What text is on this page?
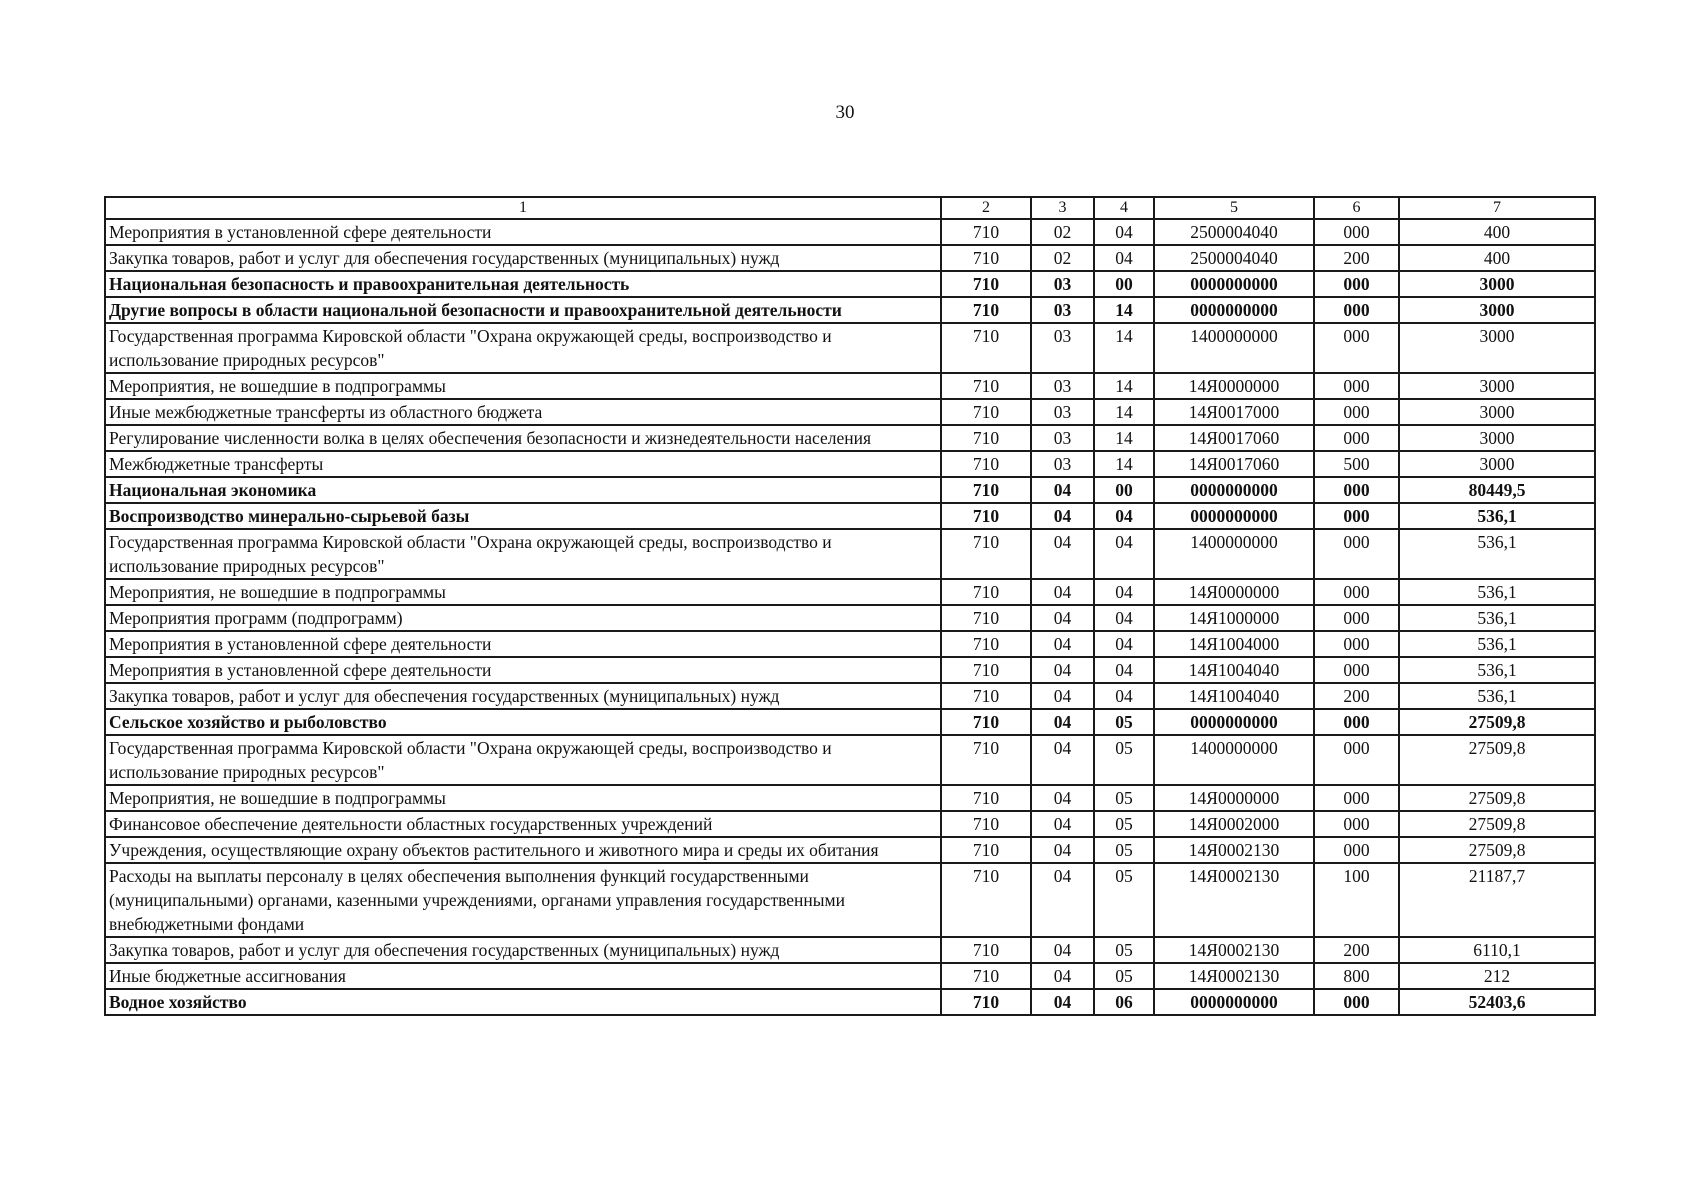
30
1	2	3	4	5	6	7
Мероприятия в установленной сфере деятельности	710	02	04	2500004040	000	400
Закупка товаров, работ и услуг для обеспечения государственных (муниципальных) нужд	710	02	04	2500004040	200	400
Национальная безопасность и правоохранительная деятельность	710	03	00	0000000000	000	3000
Другие вопросы в области национальной безопасности и правоохранительной деятельности	710	03	14	0000000000	000	3000
Государственная программа Кировской области "Охрана окружающей среды, воспроизводство и использование природных ресурсов"	710	03	14	1400000000	000	3000
Мероприятия, не вошедшие в подпрограммы	710	03	14	14Я0000000	000	3000
Иные межбюджетные трансферты из областного бюджета	710	03	14	14Я0017000	000	3000
Регулирование численности волка в целях обеспечения безопасности и жизнедеятельности населения	710	03	14	14Я0017060	000	3000
Межбюджетные трансферты	710	03	14	14Я0017060	500	3000
Национальная экономика	710	04	00	0000000000	000	80449,5
Воспроизводство минерально-сырьевой базы	710	04	04	0000000000	000	536,1
Государственная программа Кировской области "Охрана окружающей среды, воспроизводство и использование природных ресурсов"	710	04	04	1400000000	000	536,1
Мероприятия, не вошедшие в подпрограммы	710	04	04	14Я0000000	000	536,1
Мероприятия программ (подпрограмм)	710	04	04	14Я1000000	000	536,1
Мероприятия в установленной сфере деятельности	710	04	04	14Я1004000	000	536,1
Мероприятия в установленной сфере деятельности	710	04	04	14Я1004040	000	536,1
Закупка товаров, работ и услуг для обеспечения государственных (муниципальных) нужд	710	04	04	14Я1004040	200	536,1
Сельское хозяйство и рыболовство	710	04	05	0000000000	000	27509,8
Государственная программа Кировской области "Охрана окружающей среды, воспроизводство и использование природных ресурсов"	710	04	05	1400000000	000	27509,8
Мероприятия, не вошедшие в подпрограммы	710	04	05	14Я0000000	000	27509,8
Финансовое обеспечение деятельности областных государственных учреждений	710	04	05	14Я0002000	000	27509,8
Учреждения, осуществляющие охрану объектов растительного и животного мира и среды их обитания	710	04	05	14Я0002130	000	27509,8
Расходы на выплаты персоналу в целях обеспечения выполнения функций государственными (муниципальными) органами, казенными учреждениями, органами управления государственными внебюджетными фондами	710	04	05	14Я0002130	100	21187,7
Закупка товаров, работ и услуг для обеспечения государственных (муниципальных) нужд	710	04	05	14Я0002130	200	6110,1
Иные бюджетные ассигнования	710	04	05	14Я0002130	800	212
Водное хозяйство	710	04	06	0000000000	000	52403,6
